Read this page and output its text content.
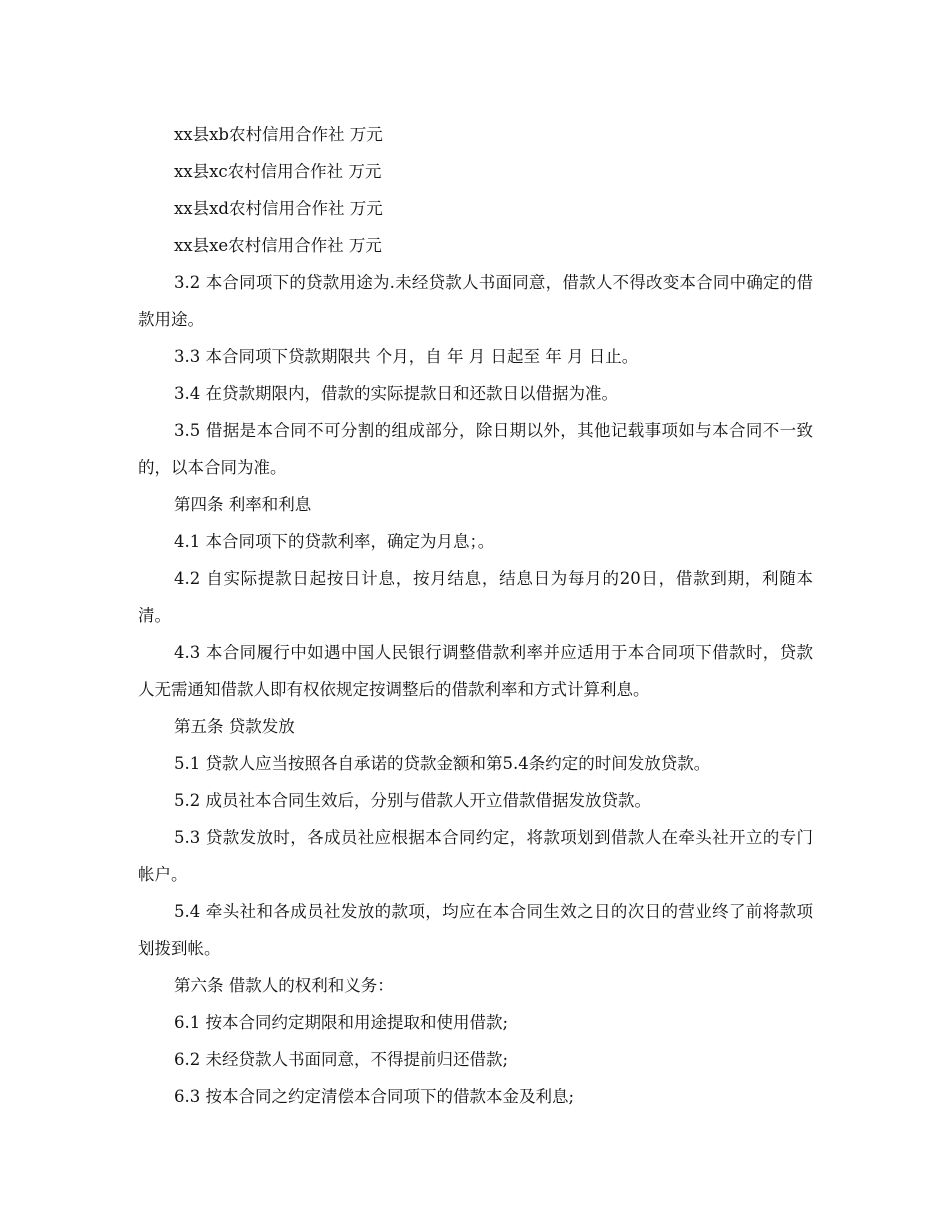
xx县xb农村信用合作社 万元

xx县xc农村信用合作社 万元

xx县xd农村信用合作社 万元

xx县xe农村信用合作社 万元

3.2 本合同项下的贷款用途为.未经贷款人书面同意，借款人不得改变本合同中确定的借款用途。

3.3 本合同项下贷款期限共 个月，自 年 月 日起至 年 月 日止。

3.4 在贷款期限内，借款的实际提款日和还款日以借据为准。

3.5 借据是本合同不可分割的组成部分，除日期以外，其他记载事项如与本合同不一致的，以本合同为准。

第四条 利率和利息

4.1 本合同项下的贷款利率，确定为月息；。

4.2 自实际提款日起按日计息，按月结息，结息日为每月的20日，借款到期，利随本清。

4.3 本合同履行中如遇中国人民银行调整借款利率并应适用于本合同项下借款时，贷款人无需通知借款人即有权依规定按调整后的借款利率和方式计算利息。

第五条 贷款发放

5.1 贷款人应当按照各自承诺的贷款金额和第5.4条约定的时间发放贷款。

5.2 成员社本合同生效后，分别与借款人开立借款借据发放贷款。

5.3 贷款发放时，各成员社应根据本合同约定，将款项划到借款人在牵头社开立的专门帐户。

5.4 牵头社和各成员社发放的款项，均应在本合同生效之日的次日的营业终了前将款项划拨到帐。

第六条 借款人的权利和义务：

6.1 按本合同约定期限和用途提取和使用借款;

6.2 未经贷款人书面同意，不得提前归还借款;

6.3 按本合同之约定清偿本合同项下的借款本金及利息;
